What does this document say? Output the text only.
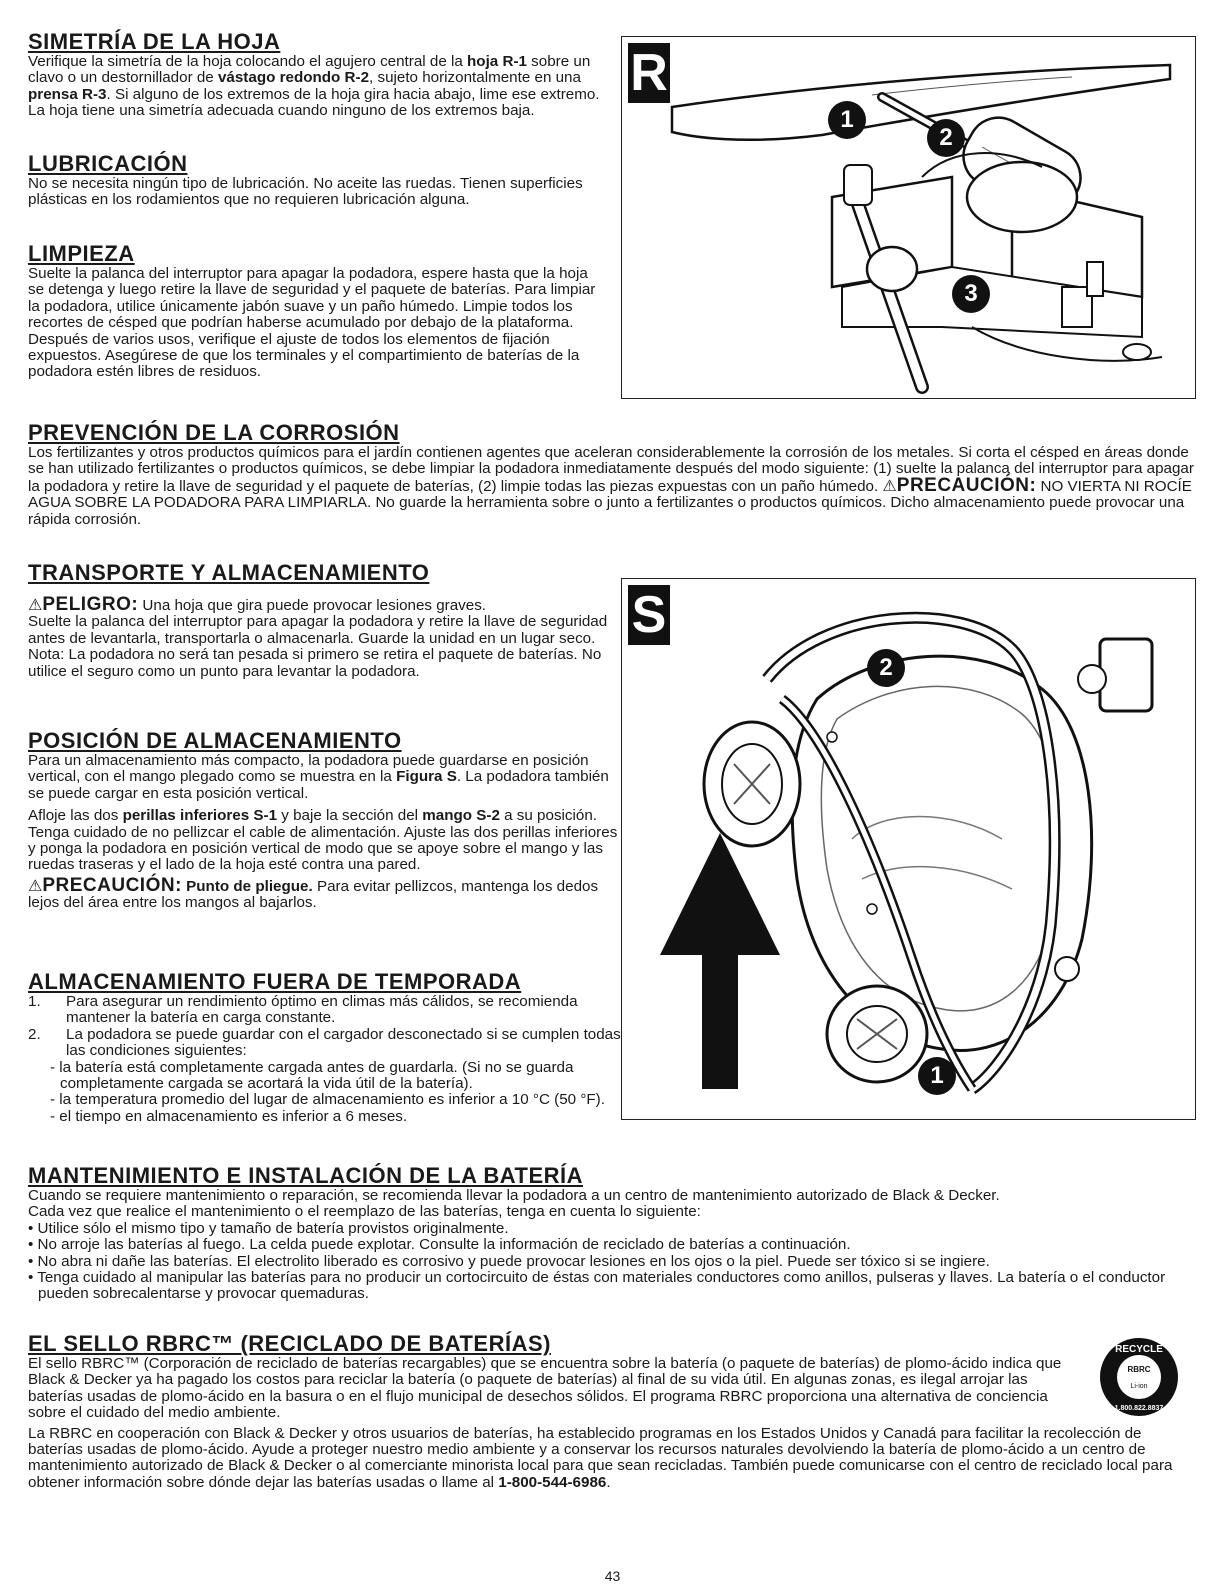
SIMETRÍA DE LA HOJA

Verifique la simetría de la hoja colocando el agujero central de la hoja R-1 sobre un clavo o un destornillador de vástago redondo R-2, sujeto horizontalmente en una prensa R-3. Si alguno de los extremos de la hoja gira hacia abajo, lime ese extremo. La hoja tiene una simetría adecuada cuando ninguno de los extremos baja.

LUBRICACIÓN

No se necesita ningún tipo de lubricación. No aceite las ruedas. Tienen superficies plásticas en los rodamientos que no requieren lubricación alguna.

LIMPIEZA

Suelte la palanca del interruptor para apagar la podadora, espere hasta que la hoja se detenga y luego retire la llave de seguridad y el paquete de baterías. Para limpiar la podadora, utilice únicamente jabón suave y un paño húmedo. Limpie todos los recortes de césped que podrían haberse acumulado por debajo de la plataforma. Después de varios usos, verifique el ajuste de todos los elementos de fijación expuestos. Asegúrese de que los terminales y el compartimiento de baterías de la podadora estén libres de residuos.

R
1
2
3
PREVENCIÓN DE LA CORROSIÓN

Los fertilizantes y otros productos químicos para el jardín contienen agentes que aceleran considerablemente la corrosión de los metales. Si corta el césped en áreas donde se han utilizado fertilizantes o productos químicos, se debe limpiar la podadora inmediatamente después del modo siguiente: (1) suelte la palanca del interruptor para apagar la podadora y retire la llave de seguridad y el paquete de baterías, (2) limpie todas las piezas expuestas con un paño húmedo. ⚠PRECAUCIÓN: NO VIERTA NI ROCÍE AGUA SOBRE LA PODADORA PARA LIMPIARLA. No guarde la herramienta sobre o junto a fertilizantes o productos químicos. Dicho almacenamiento puede provocar una rápida corrosión.

TRANSPORTE Y ALMACENAMIENTO

⚠PELIGRO: Una hoja que gira puede provocar lesiones graves.

Suelte la palanca del interruptor para apagar la podadora y retire la llave de seguridad antes de levantarla, transportarla o almacenarla. Guarde la unidad en un lugar seco. Nota: La podadora no será tan pesada si primero se retira el paquete de baterías. No utilice el seguro como un punto para levantar la podadora.

POSICIÓN DE ALMACENAMIENTO

Para un almacenamiento más compacto, la podadora puede guardarse en posición vertical, con el mango plegado como se muestra en la Figura S. La podadora también se puede cargar en esta posición vertical.

Afloje las dos perillas inferiores S-1 y baje la sección del mango S-2 a su posición. Tenga cuidado de no pellizcar el cable de alimentación. Ajuste las dos perillas inferiores y ponga la podadora en posición vertical de modo que se apoye sobre el mango y las ruedas traseras y el lado de la hoja esté contra una pared.

⚠PRECAUCIÓN: Punto de pliegue. Para evitar pellizcos, mantenga los dedos lejos del área entre los mangos al bajarlos.

ALMACENAMIENTO FUERA DE TEMPORADA
1.	Para asegurar un rendimiento óptimo en climas más cálidos, se recomienda mantener la batería en carga constante.
2.	La podadora se puede guardar con el cargador desconectado si se cumplen todas las condiciones siguientes:
- la batería está completamente cargada antes de guardarla. (Si no se guarda completamente cargada se acortará la vida útil de la batería).
- la temperatura promedio del lugar de almacenamiento es inferior a 10 °C (50 °F).
- el tiempo en almacenamiento es inferior a 6 meses.
S
2
1
MANTENIMIENTO E INSTALACIÓN DE LA BATERÍA

Cuando se requiere mantenimiento o reparación, se recomienda llevar la podadora a un centro de mantenimiento autorizado de Black & Decker.

Cada vez que realice el mantenimiento o el reemplazo de las baterías, tenga en cuenta lo siguiente:

• Utilice sólo el mismo tipo y tamaño de batería provistos originalmente.
• No arroje las baterías al fuego. La celda puede explotar. Consulte la información de reciclado de baterías a continuación.
• No abra ni dañe las baterías. El electrolito liberado es corrosivo y puede provocar lesiones en los ojos o la piel. Puede ser tóxico si se ingiere.
• Tenga cuidado al manipular las baterías para no producir un cortocircuito de éstas con materiales conductores como anillos, pulseras y llaves. La batería o el conductor pueden sobrecalentarse y provocar quemaduras.
EL SELLO RBRC™ (RECICLADO DE BATERÍAS)

El sello RBRC™ (Corporación de reciclado de baterías recargables) que se encuentra sobre la batería (o paquete de baterías) de plomo-ácido indica que Black & Decker ya ha pagado los costos para reciclar la batería (o paquete de baterías) al final de su vida útil. En algunas zonas, es ilegal arrojar las baterías usadas de plomo-ácido en la basura o en el flujo municipal de desechos sólidos. El programa RBRC proporciona una alternativa de conciencia sobre el cuidado del medio ambiente.

La RBRC en cooperación con Black & Decker y otros usuarios de baterías, ha establecido programas en los Estados Unidos y Canadá para facilitar la recolección de baterías usadas de plomo-ácido. Ayude a proteger nuestro medio ambiente y a conservar los recursos naturales devolviendo la batería de plomo-ácido a un centro de mantenimiento autorizado de Black & Decker o al comerciante minorista local para que sean recicladas. También puede comunicarse con el centro de reciclado local para obtener información sobre dónde dejar las baterías usadas o llame al 1-800-544-6986.

RECYCLE
RBRC
Li-ion
1.800.822.8837
43
